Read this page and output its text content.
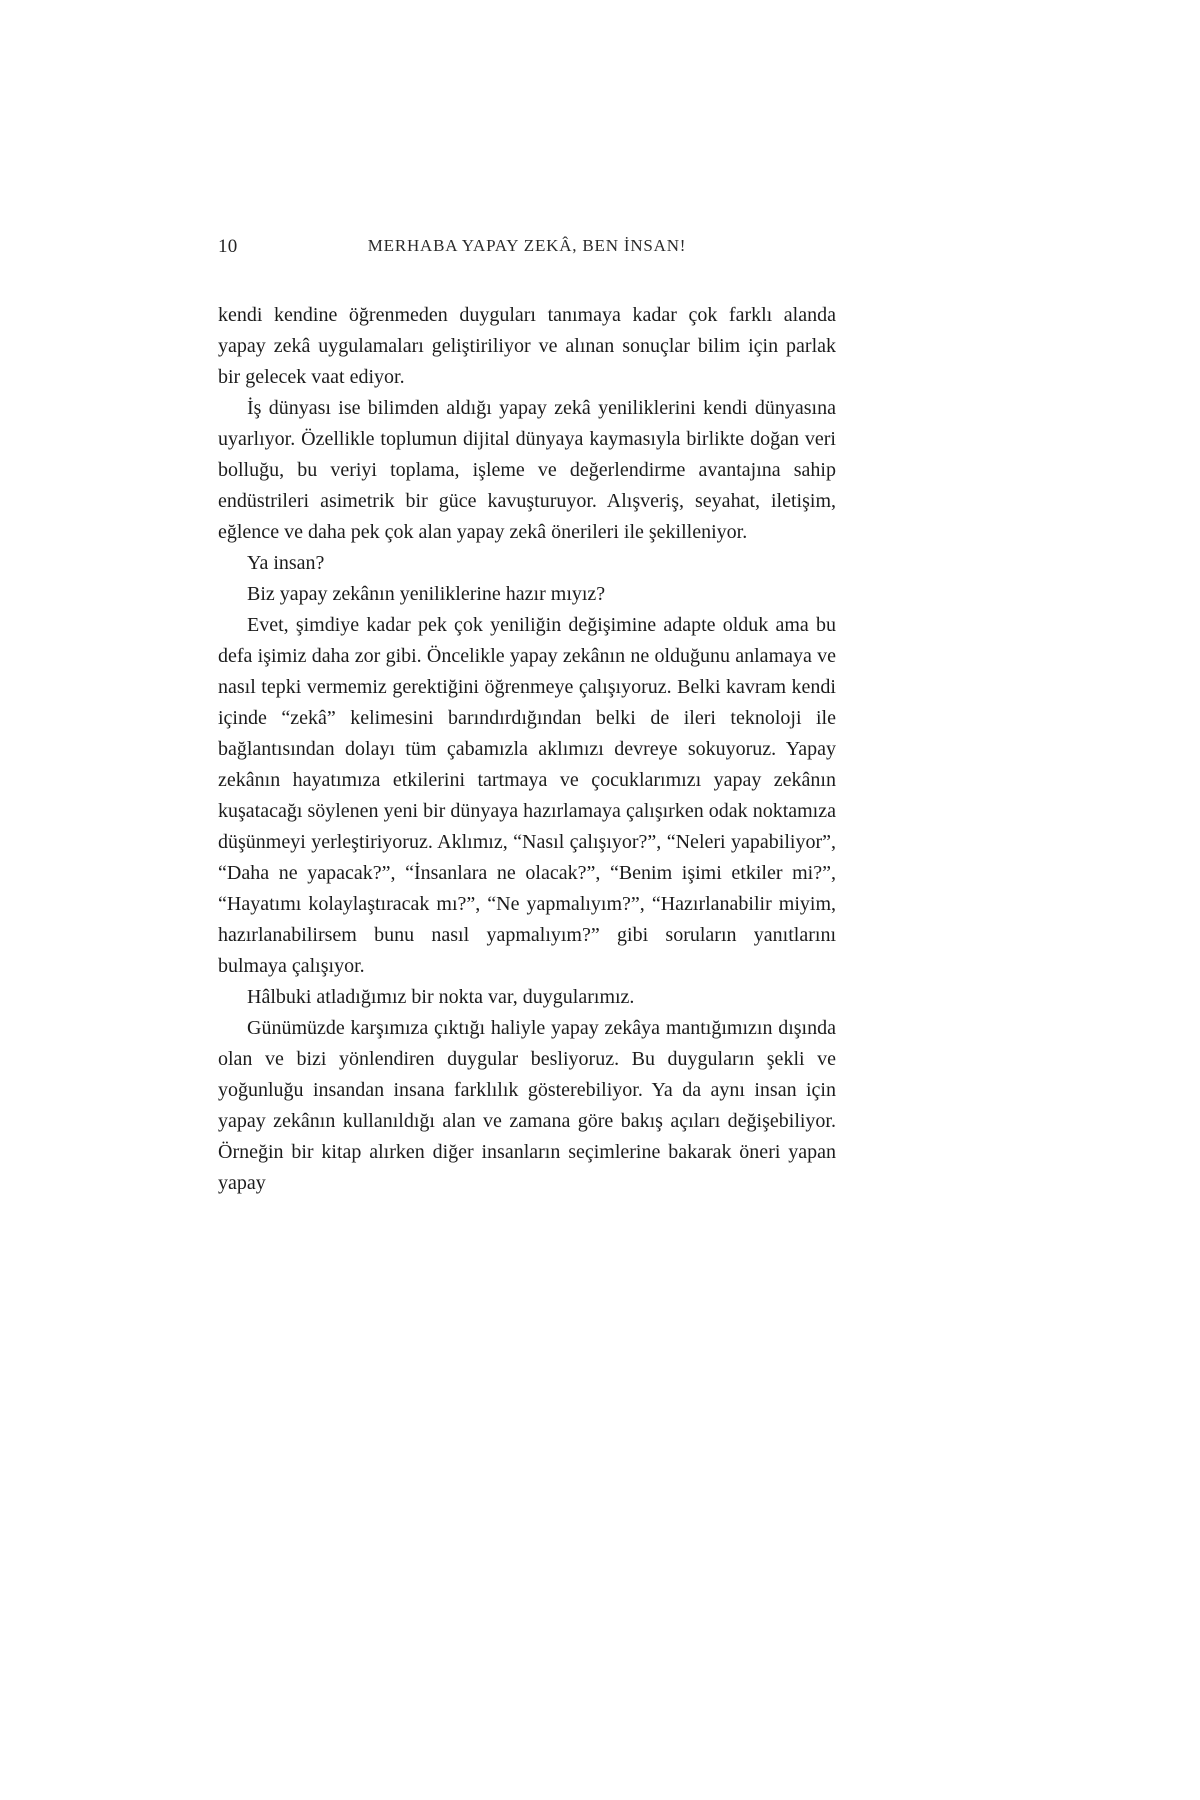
10	MERHABA YAPAY ZEKÂ, BEN İNSAN!

kendi kendine öğrenmeden duyguları tanımaya kadar çok farklı alanda yapay zekâ uygulamaları geliştiriliyor ve alınan sonuçlar bilim için parlak bir gelecek vaat ediyor.

İş dünyası ise bilimden aldığı yapay zekâ yeniliklerini kendi dünyasına uyarlıyor. Özellikle toplumun dijital dünyaya kaymasıyla birlikte doğan veri bolluğu, bu veriyi toplama, işleme ve değerlendirme avantajına sahip endüstrileri asimetrik bir güce kavuşturuyor. Alışveriş, seyahat, iletişim, eğlence ve daha pek çok alan yapay zekâ önerileri ile şekilleniyor.

Ya insan?

Biz yapay zekânın yeniliklerine hazır mıyız?

Evet, şimdiye kadar pek çok yeniliğin değişimine adapte olduk ama bu defa işimiz daha zor gibi. Öncelikle yapay zekânın ne olduğunu anlamaya ve nasıl tepki vermemiz gerektiğini öğrenmeye çalışıyoruz. Belki kavram kendi içinde “zekâ” kelimesini barındırdığından belki de ileri teknoloji ile bağlantısından dolayı tüm çabamızla aklımızı devreye sokuyoruz. Yapay zekânın hayatımıza etkilerini tartmaya ve çocuklarımızı yapay zekânın kuşatacağı söylenen yeni bir dünyaya hazırlamaya çalışırken odak noktamıza düşünmeyi yerleştiriyoruz. Aklımız, “Nasıl çalışıyor?”, “Neleri yapabiliyor”, “Daha ne yapacak?”, “İnsanlara ne olacak?”, “Benim işimi etkiler mi?”, “Hayatımı kolaylaştıracak mı?”, “Ne yapmalıyım?”, “Hazırlanabilir miyim, hazırlanabilirsem bunu nasıl yapmalıyım?” gibi soruların yanıtlarını bulmaya çalışıyor.

Hâlbuki atladığımız bir nokta var, duygularımız.

Günümüzde karşımıza çıktığı haliyle yapay zekâya mantığımızın dışında olan ve bizi yönlendiren duygular besliyoruz. Bu duyguların şekli ve yoğunluğu insandan insana farklılık gösterebiliyor. Ya da aynı insan için yapay zekânın kullanıldığı alan ve zamana göre bakış açıları değişebiliyor. Örneğin bir kitap alırken diğer insanların seçimlerine bakarak öneri yapan yapay
